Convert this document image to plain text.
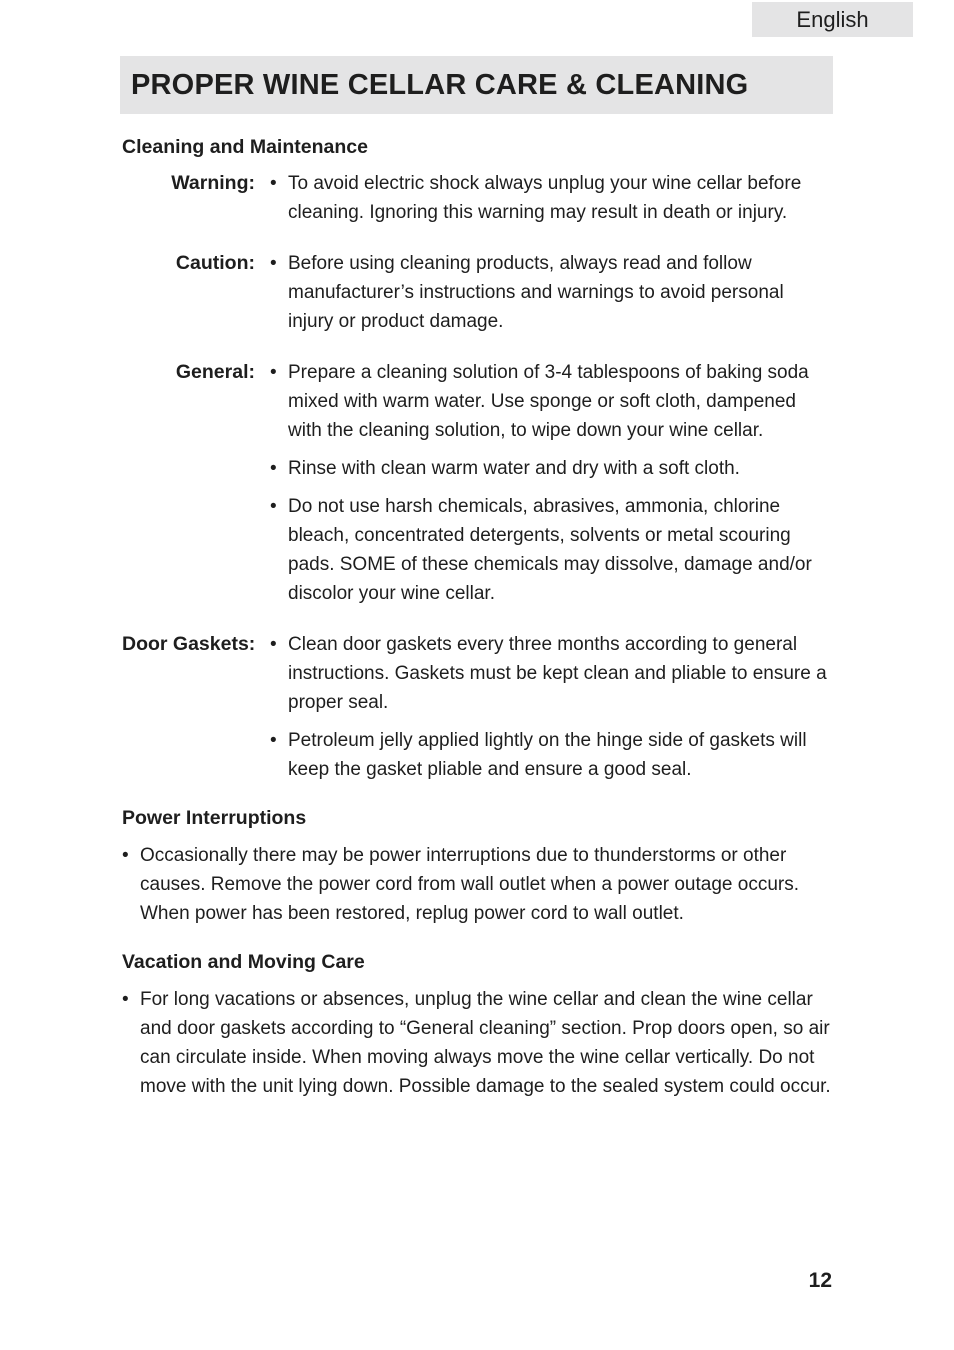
English
PROPER WINE CELLAR CARE & CLEANING
Cleaning and Maintenance
Warning: • To avoid electric shock always unplug your wine cellar before cleaning. Ignoring this warning may result in death or injury.
Caution: • Before using cleaning products, always read and follow manufacturer’s instructions and warnings to avoid personal injury or product damage.
General: • Prepare a cleaning solution of 3-4 tablespoons of baking soda mixed with warm water. Use sponge or soft cloth, dampened with the cleaning solution, to wipe down your wine cellar.
• Rinse with clean warm water and dry with a soft cloth.
• Do not use harsh chemicals, abrasives, ammonia, chlorine bleach, concentrated detergents, solvents or metal scouring pads. SOME of these chemicals may dissolve, damage and/or discolor your wine cellar.
Door Gaskets: • Clean door gaskets every three months according to general instructions. Gaskets must be kept clean and pliable to ensure a proper seal.
• Petroleum jelly applied lightly on the hinge side of gaskets will keep the gasket pliable and ensure a good seal.
Power Interruptions
• Occasionally there may be power interruptions due to thunderstorms or other causes. Remove the power cord from wall outlet when a power outage occurs. When power has been restored, replug power cord to wall outlet.
Vacation and Moving Care
• For long vacations or absences, unplug the wine cellar and clean the wine cellar and door gaskets according to “General cleaning” section. Prop doors open, so air can circulate inside. When moving always move the wine cellar vertically. Do not move with the unit lying down. Possible damage to the sealed system could occur.
12
